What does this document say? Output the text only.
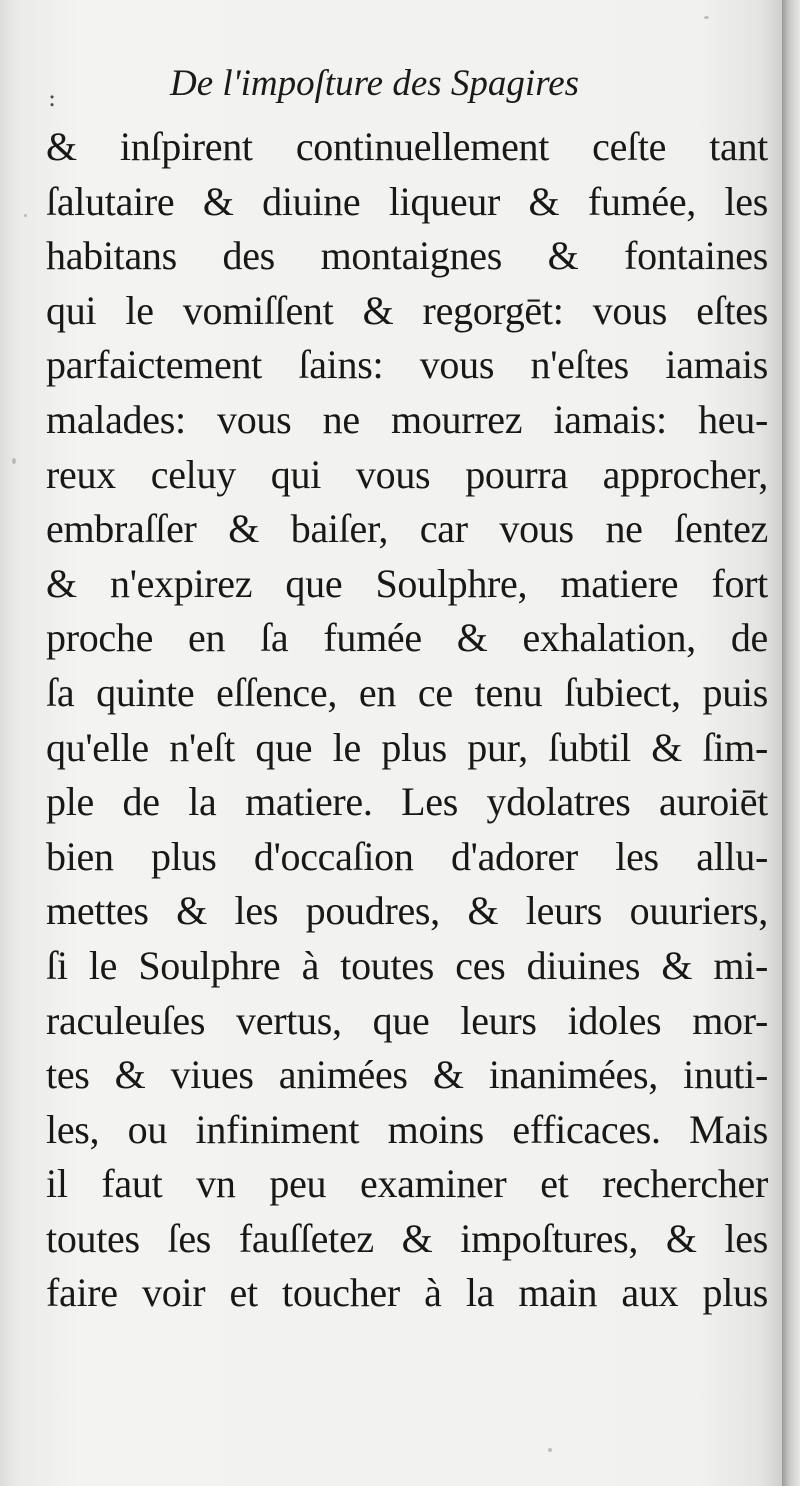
:	De l'impoſture des Spagires
& inſpirent continuellement ceſte tant
ſalutaire & diuine liqueur & fumée, les
habitans des montaignes & fontaines
qui le vomiſſent & regorgēt: vous eſtes
parfaictement ſains: vous n'eſtes iamais
malades: vous ne mourrez iamais: heu-
reux celuy qui vous pourra approcher,
embraſſer & baiſer, car vous ne ſentez
& n'expirez que Soulphre, matiere fort
proche en ſa fumée & exhalation, de
ſa quinte eſſence, en ce tenu ſubiect, puis
qu'elle n'eſt que le plus pur, ſubtil & ſim-
ple de la matiere. Les ydolatres auroiēt
bien plus d'occaſion d'adorer les allu-
mettes & les poudres, & leurs ouuriers,
ſi le Soulphre à toutes ces diuines & mi-
raculeuſes vertus, que leurs idoles mor-
tes & viues animées & inanimées, inuti-
les, ou infiniment moins efficaces. Mais
il faut vn peu examiner et rechercher
toutes ſes fauſſetez & impoſtures, & les
faire voir et toucher à la main aux plus
